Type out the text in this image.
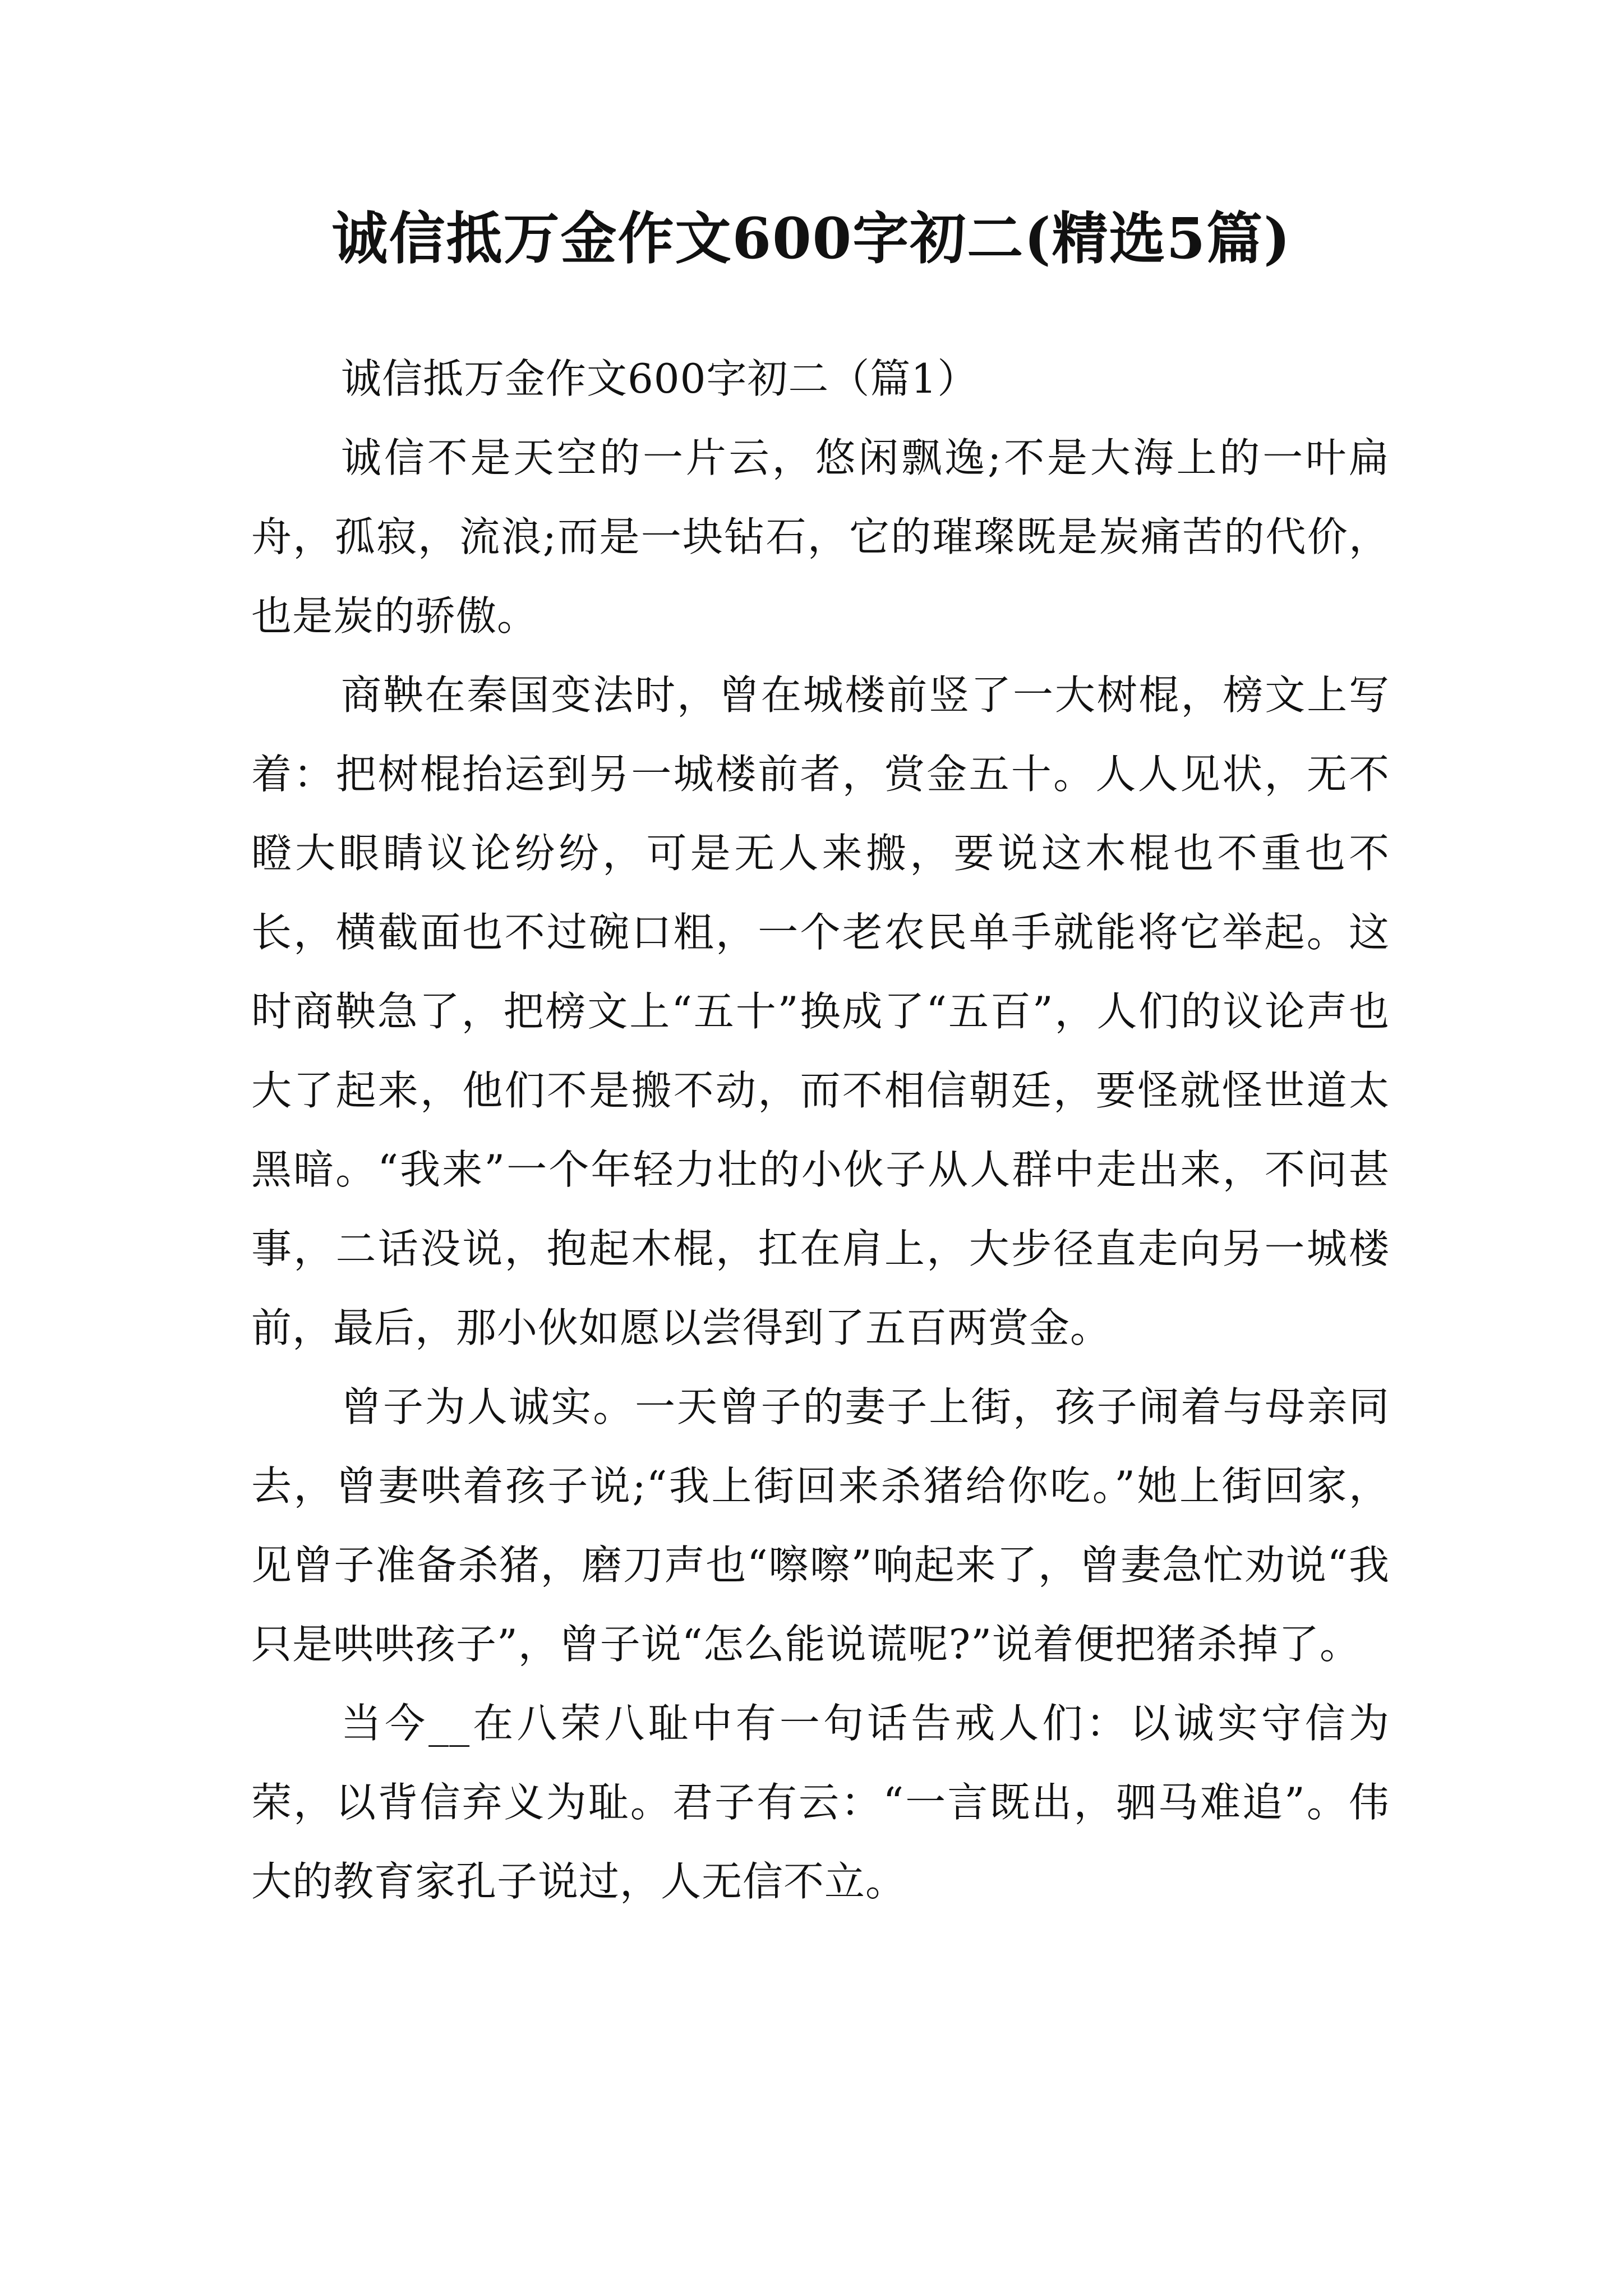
诚信抵万金作文600字初二(精选5篇)

诚信抵万金作文600字初二（篇1）

诚信不是天空的一片云，悠闲飘逸;不是大海上的一叶扁舟，孤寂，流浪;而是一块钻石，它的璀璨既是炭痛苦的代价，也是炭的骄傲。

商鞅在秦国变法时，曾在城楼前竖了一大树棍，榜文上写着：把树棍抬运到另一城楼前者，赏金五十。人人见状，无不瞪大眼睛议论纷纷，可是无人来搬，要说这木棍也不重也不长，横截面也不过碗口粗，一个老农民单手就能将它举起。这时商鞅急了，把榜文上“五十”换成了“五百”，人们的议论声也大了起来，他们不是搬不动，而不相信朝廷，要怪就怪世道太黑暗。“我来”一个年轻力壮的小伙子从人群中走出来，不问甚事，二话没说，抱起木棍，扛在肩上，大步径直走向另一城楼前，最后，那小伙如愿以尝得到了五百两赏金。

曾子为人诚实。一天曾子的妻子上街，孩子闹着与母亲同去，曾妻哄着孩子说;“我上街回来杀猪给你吃。”她上街回家，见曾子准备杀猪，磨刀声也“嚓嚓”响起来了，曾妻急忙劝说“我只是哄哄孩子”，曾子说“怎么能说谎呢?”说着便把猪杀掉了。

当今__在八荣八耻中有一句话告戒人们：以诚实守信为荣，以背信弃义为耻。君子有云：“一言既出，驷马难追”。伟大的教育家孔子说过，人无信不立。
